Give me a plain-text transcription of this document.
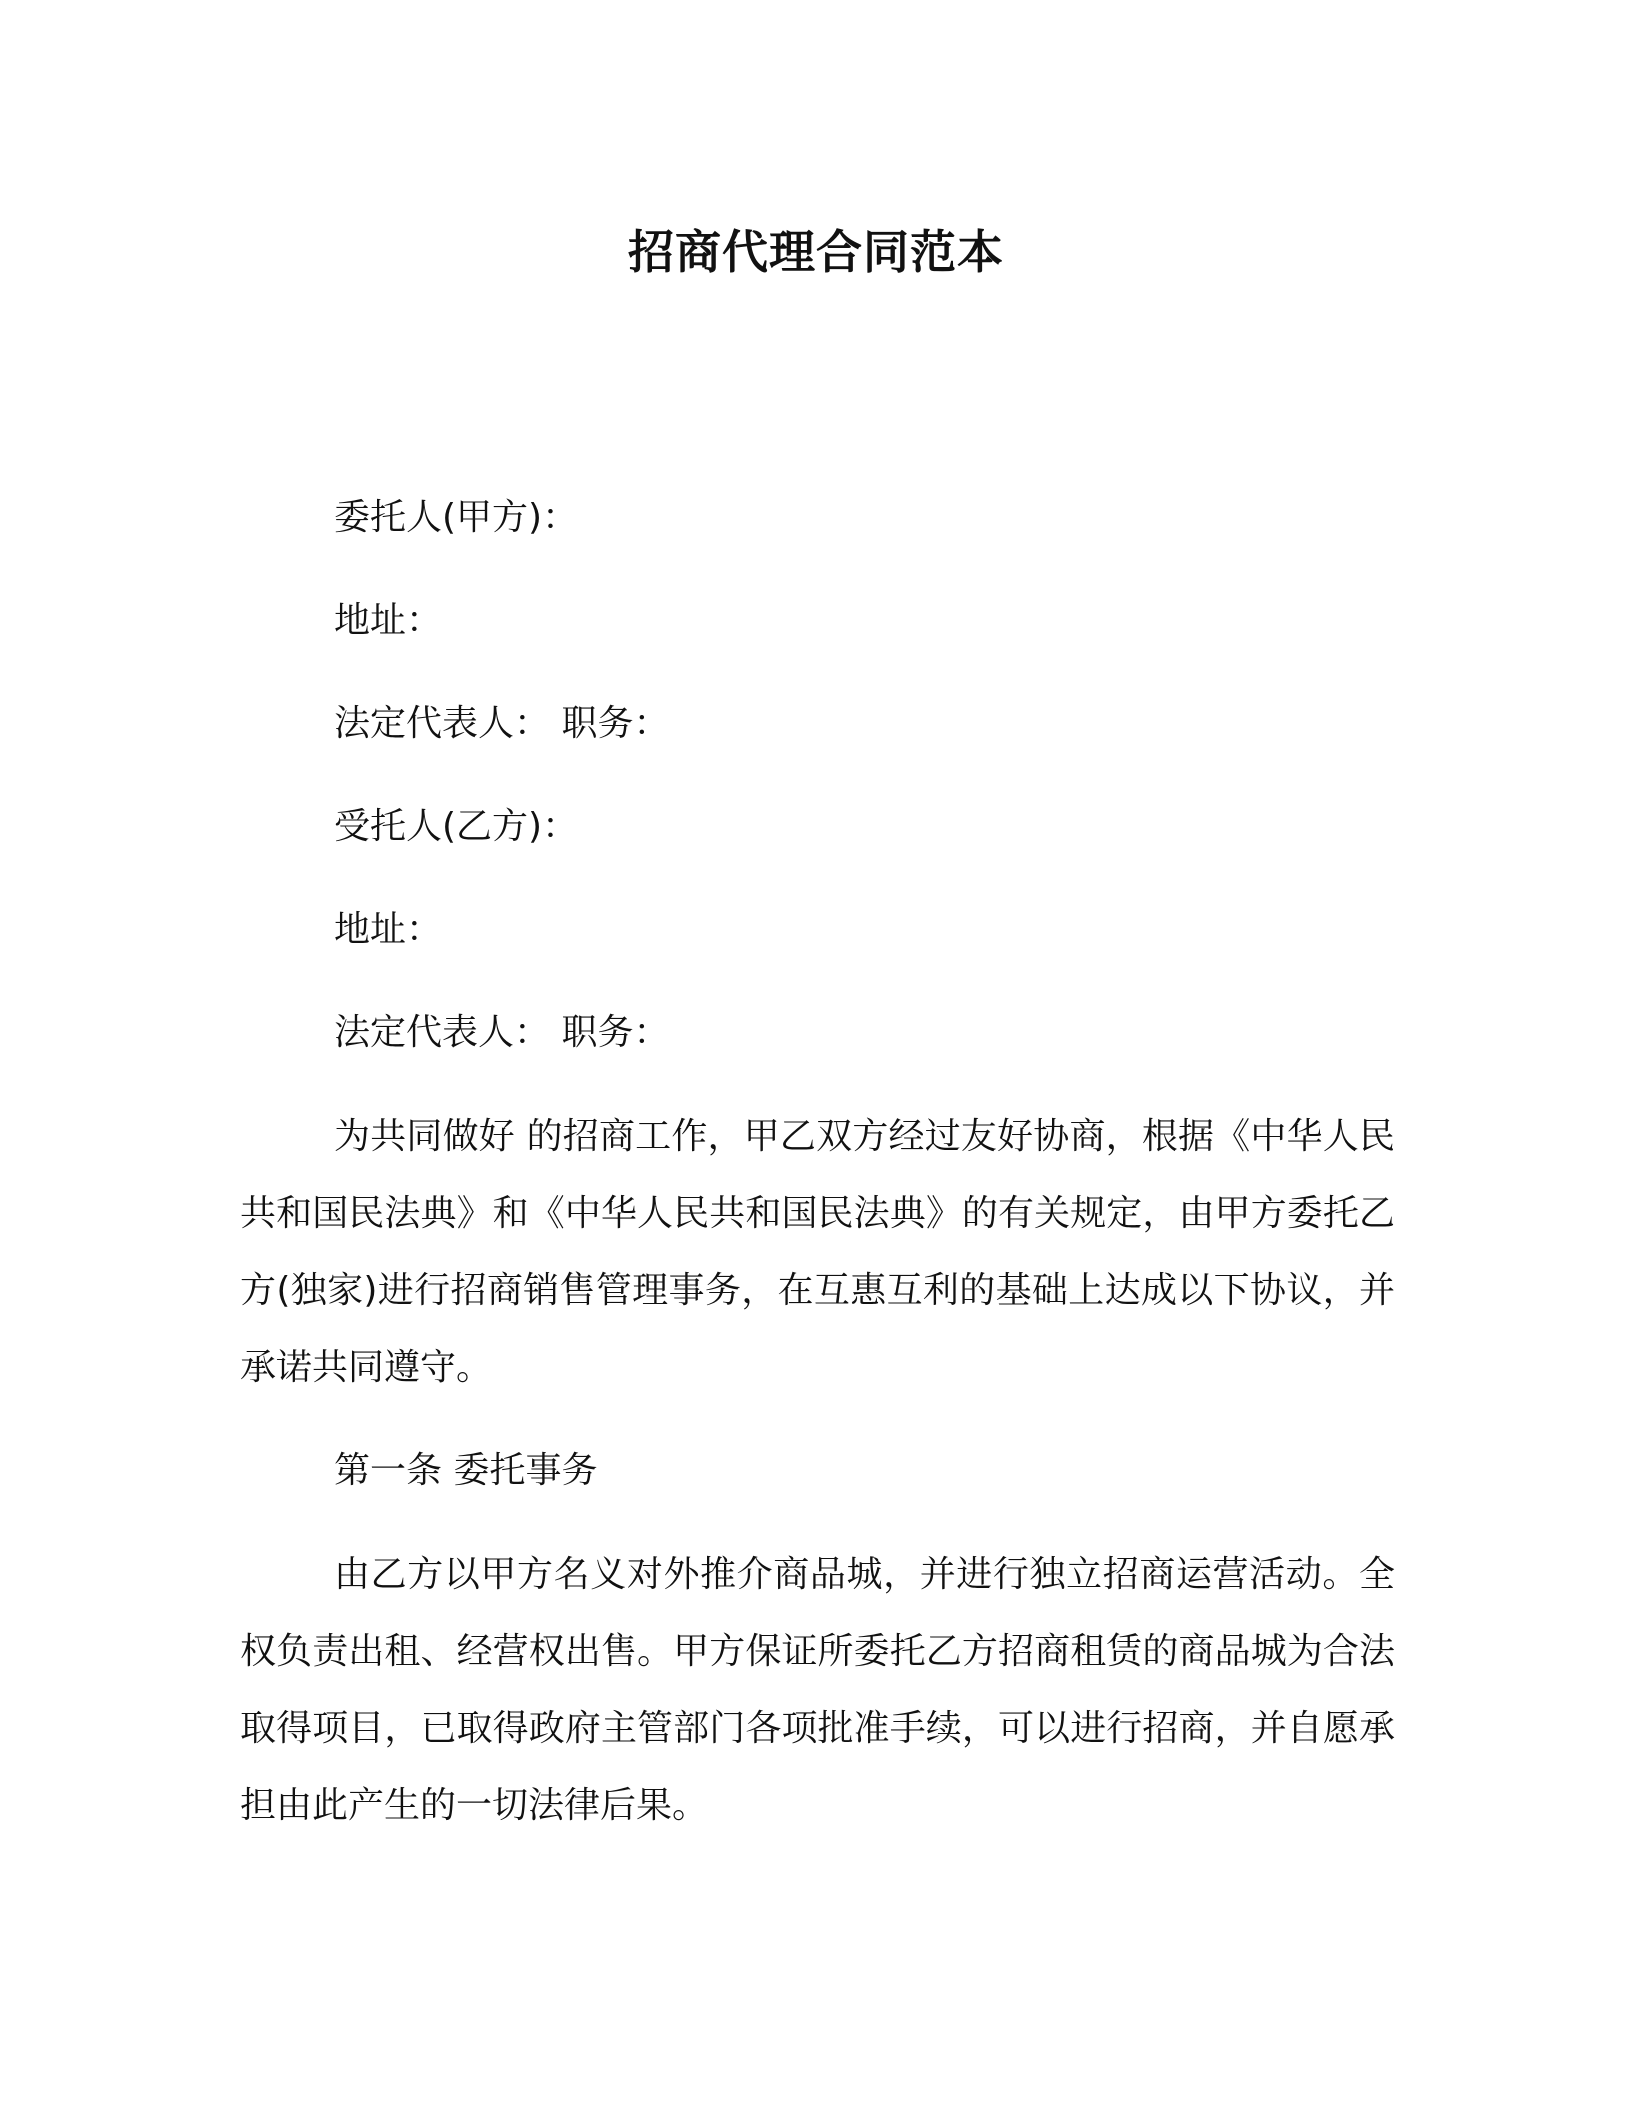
招商代理合同范本
委托人(甲方)：
地址：
法定代表人： 职务：
受托人(乙方)：
地址：
法定代表人： 职务：

为共同做好 的招商工作，甲乙双方经过友好协商，根据《中华人民共和国民法典》和《中华人民共和国民法典》的有关规定，由甲方委托乙方(独家)进行招商销售管理事务，在互惠互利的基础上达成以下协议，并承诺共同遵守。

第一条 委托事务

由乙方以甲方名义对外推介商品城，并进行独立招商运营活动。全权负责出租、经营权出售。甲方保证所委托乙方招商租赁的商品城为合法取得项目，已取得政府主管部门各项批准手续，可以进行招商，并自愿承担由此产生的一切法律后果。
